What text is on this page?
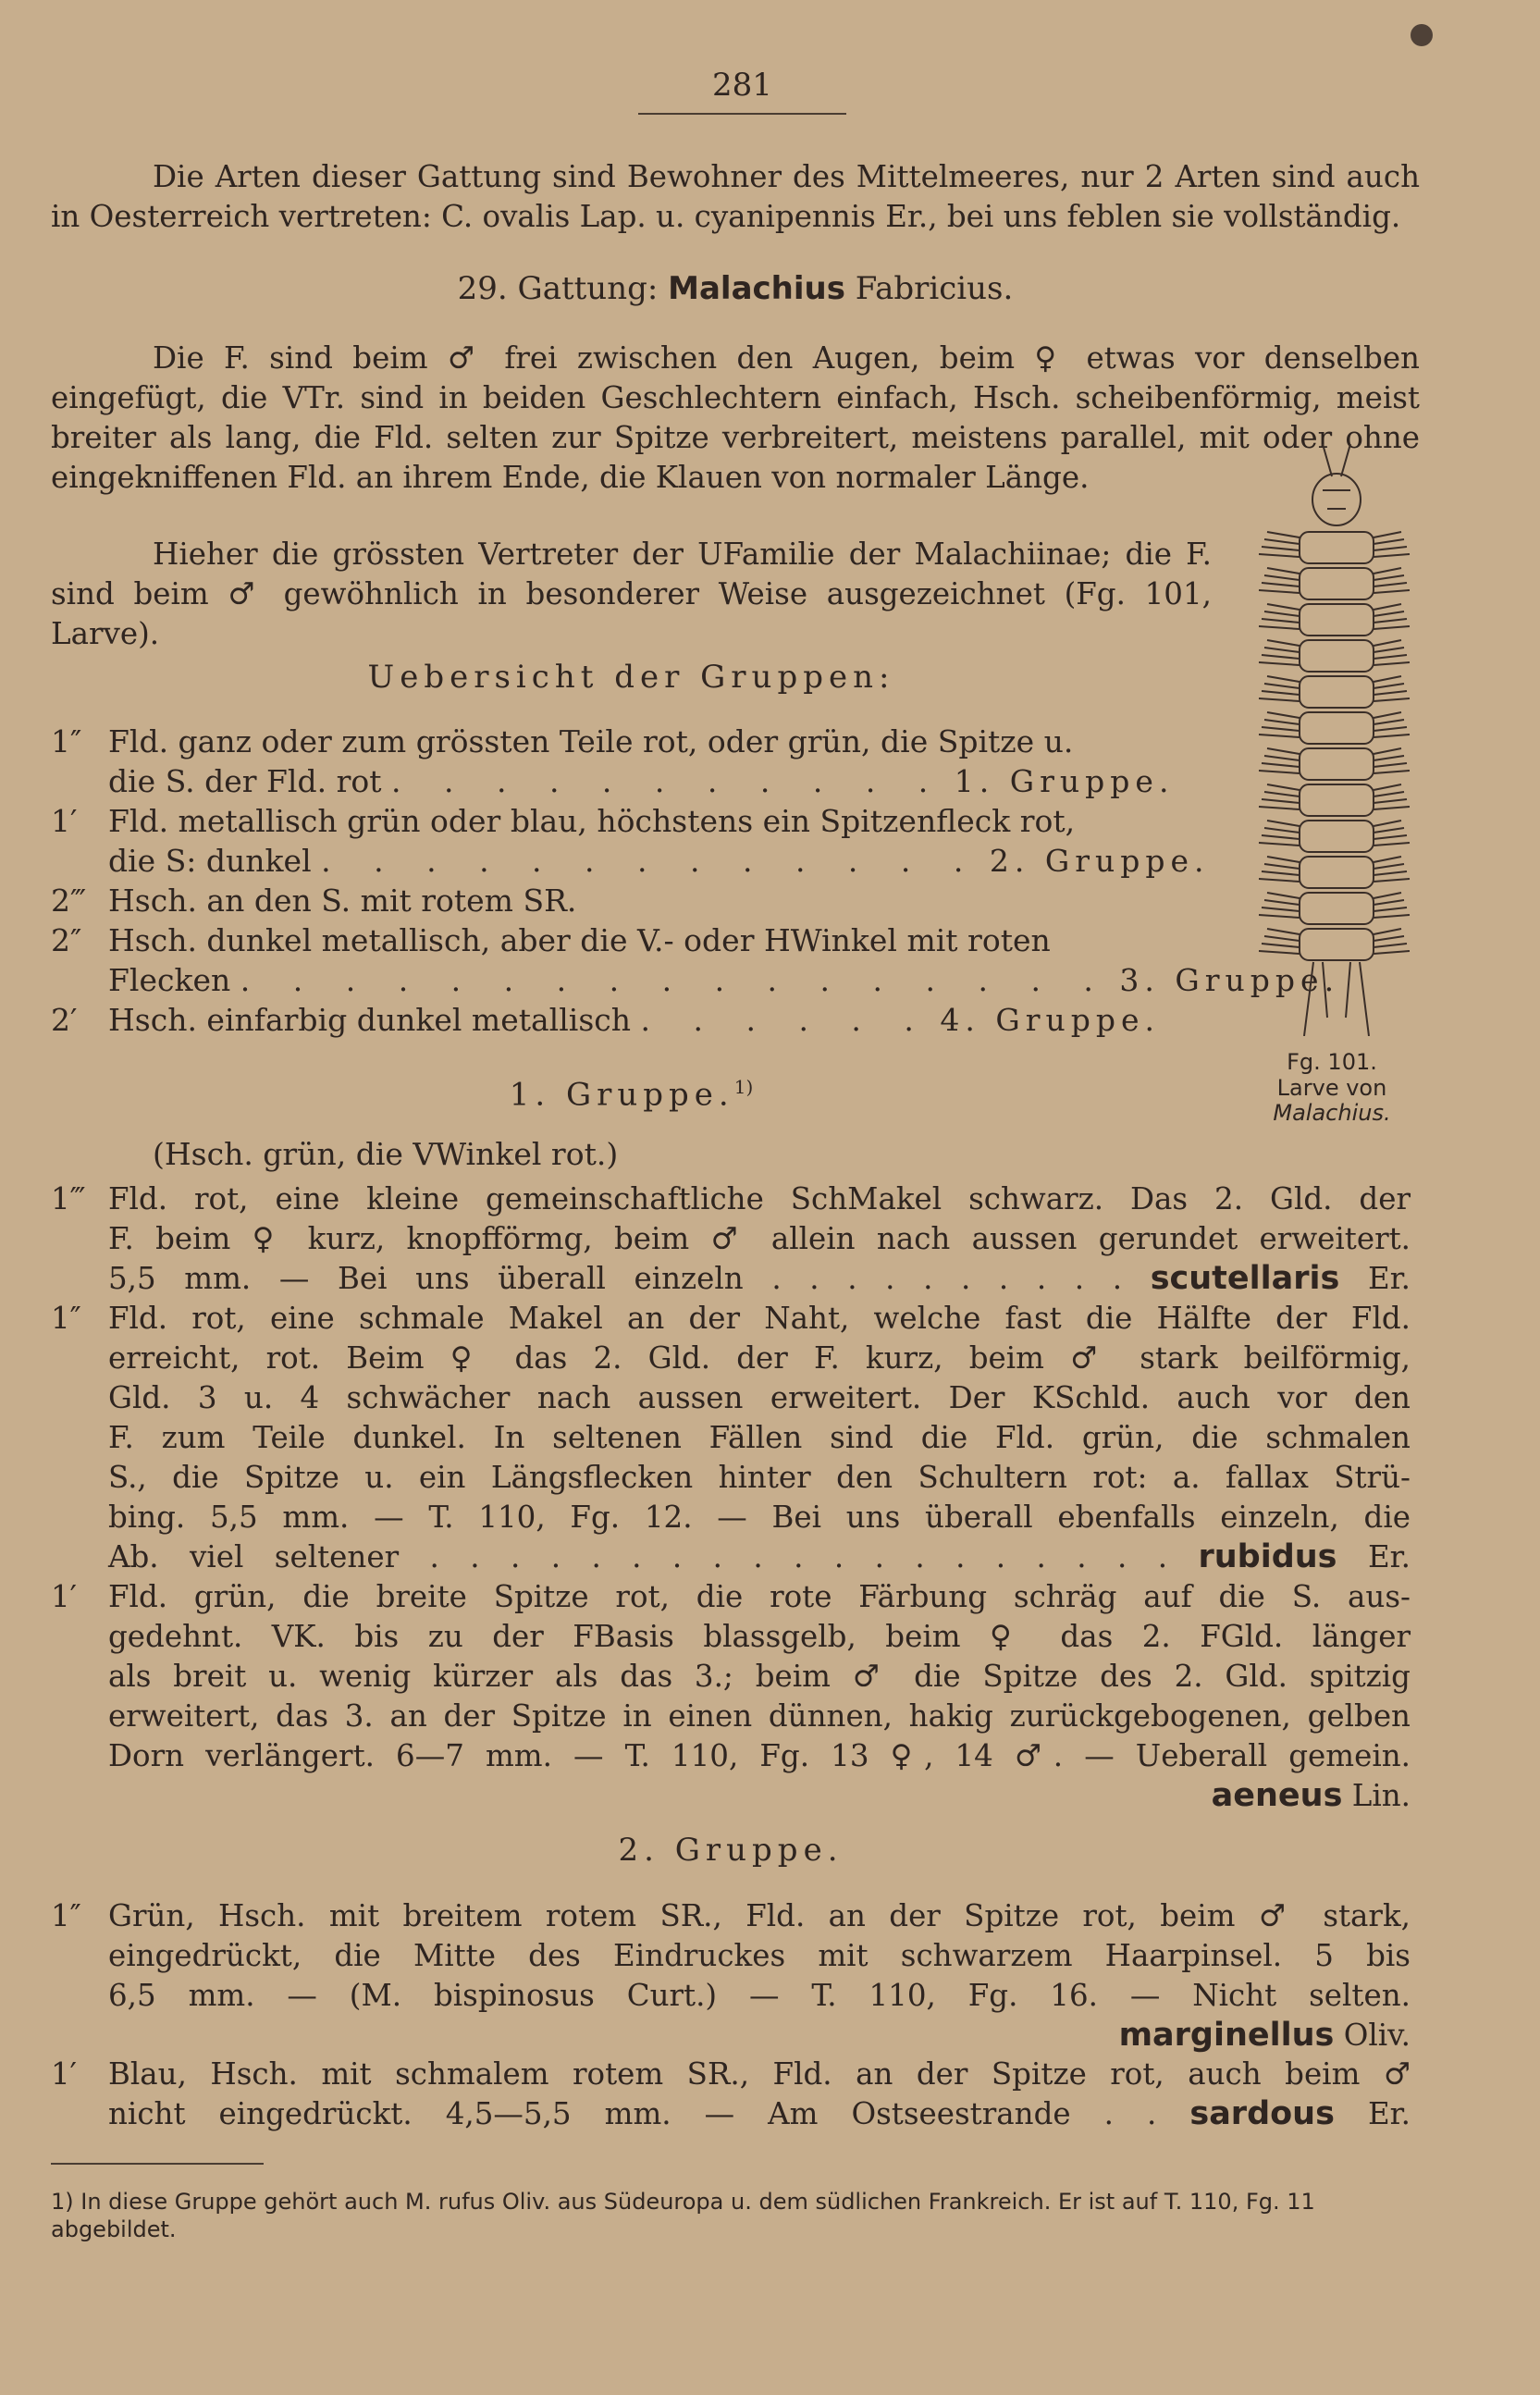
281
Die Arten dieser Gattung sind Bewohner des Mittelmeeres, nur 2 Arten sind auch in Oesterreich vertreten: C. ovalis Lap. u. cyanipennis Er., bei uns feblen sie vollständig.
29. Gattung: Malachius Fabricius.
Die F. sind beim ♂ frei zwischen den Augen, beim ♀ etwas vor denselben eingefügt, die VTr. sind in beiden Geschlechtern einfach, Hsch. scheibenförmig, meist breiter als lang, die Fld. selten zur Spitze verbreitert, meistens parallel, mit oder ohne eingekniffenen Fld. an ihrem Ende, die Klauen von normaler Länge.
Hieher die grössten Vertreter der UFamilie der Malachiinae; die F. sind beim ♂ gewöhnlich in besonderer Weise ausgezeichnet (Fg. 101, Larve).
Uebersicht der Gruppen:
1″ Fld. ganz oder zum grössten Teile rot, oder grün, die Spitze u.
die S. der Fld. rot . . . . . . . . . . . 1. Gruppe.
1′ Fld. metallisch grün oder blau, höchstens ein Spitzenfleck rot,
die S: dunkel . . . . . . . . . . . . . 2. Gruppe.
2‴ Hsch. an den S. mit rotem SR.
2″ Hsch. dunkel metallisch, aber die V.- oder HWinkel mit roten
Flecken . . . . . . . . . . . . . . . . . 3. Gruppe.
2′ Hsch. einfarbig dunkel metallisch . . . . . . 4. Gruppe.
Fg. 101.
Larve von
Malachius.
1. Gruppe.$^{1)}$
(Hsch. grün, die VWinkel rot.)
1‴ Fld. rot, eine kleine gemeinschaftliche SchMakel schwarz. Das 2. Gld. der
F. beim ♀ kurz, knopfförmg, beim ♂ allein nach aussen gerundet erweitert.
5,5 mm. — Bei uns überall einzeln . . . . . . . . . . scutellaris Er.
1″ Fld. rot, eine schmale Makel an der Naht, welche fast die Hälfte der Fld.
erreicht, rot. Beim ♀ das 2. Gld. der F. kurz, beim ♂ stark beilförmig,
Gld. 3 u. 4 schwächer nach aussen erweitert. Der KSchld. auch vor den
F. zum Teile dunkel. In seltenen Fällen sind die Fld. grün, die schmalen
S., die Spitze u. ein Längsflecken hinter den Schultern rot: a. fallax Strü-
bing. 5,5 mm. — T. 110, Fg. 12. — Bei uns überall ebenfalls einzeln, die
Ab. viel seltener . . . . . . . . . . . . . . . . . . . rubidus Er.
1′ Fld. grün, die breite Spitze rot, die rote Färbung schräg auf die S. aus-
gedehnt. VK. bis zu der FBasis blassgelb, beim ♀ das 2. FGld. länger
als breit u. wenig kürzer als das 3.; beim ♂ die Spitze des 2. Gld. spitzig
erweitert, das 3. an der Spitze in einen dünnen, hakig zurückgebogenen, gelben
Dorn verlängert. 6—7 mm. — T. 110, Fg. 13 ♀, 14 ♂. — Ueberall gemein.
aeneus Lin.
2. Gruppe.
1″ Grün, Hsch. mit breitem rotem SR., Fld. an der Spitze rot, beim ♂ stark,
eingedrückt, die Mitte des Eindruckes mit schwarzem Haarpinsel. 5 bis
6,5 mm. — (M. bispinosus Curt.) — T. 110, Fg. 16. — Nicht selten.
marginellus Oliv.
1′ Blau, Hsch. mit schmalem rotem SR., Fld. an der Spitze rot, auch beim ♂
nicht eingedrückt. 4,5—5,5 mm. — Am Ostseestrande . . sardous Er.
1) In diese Gruppe gehört auch M. rufus Oliv. aus Südeuropa u. dem südlichen Frankreich. Er ist auf T. 110, Fg. 11 abgebildet.
